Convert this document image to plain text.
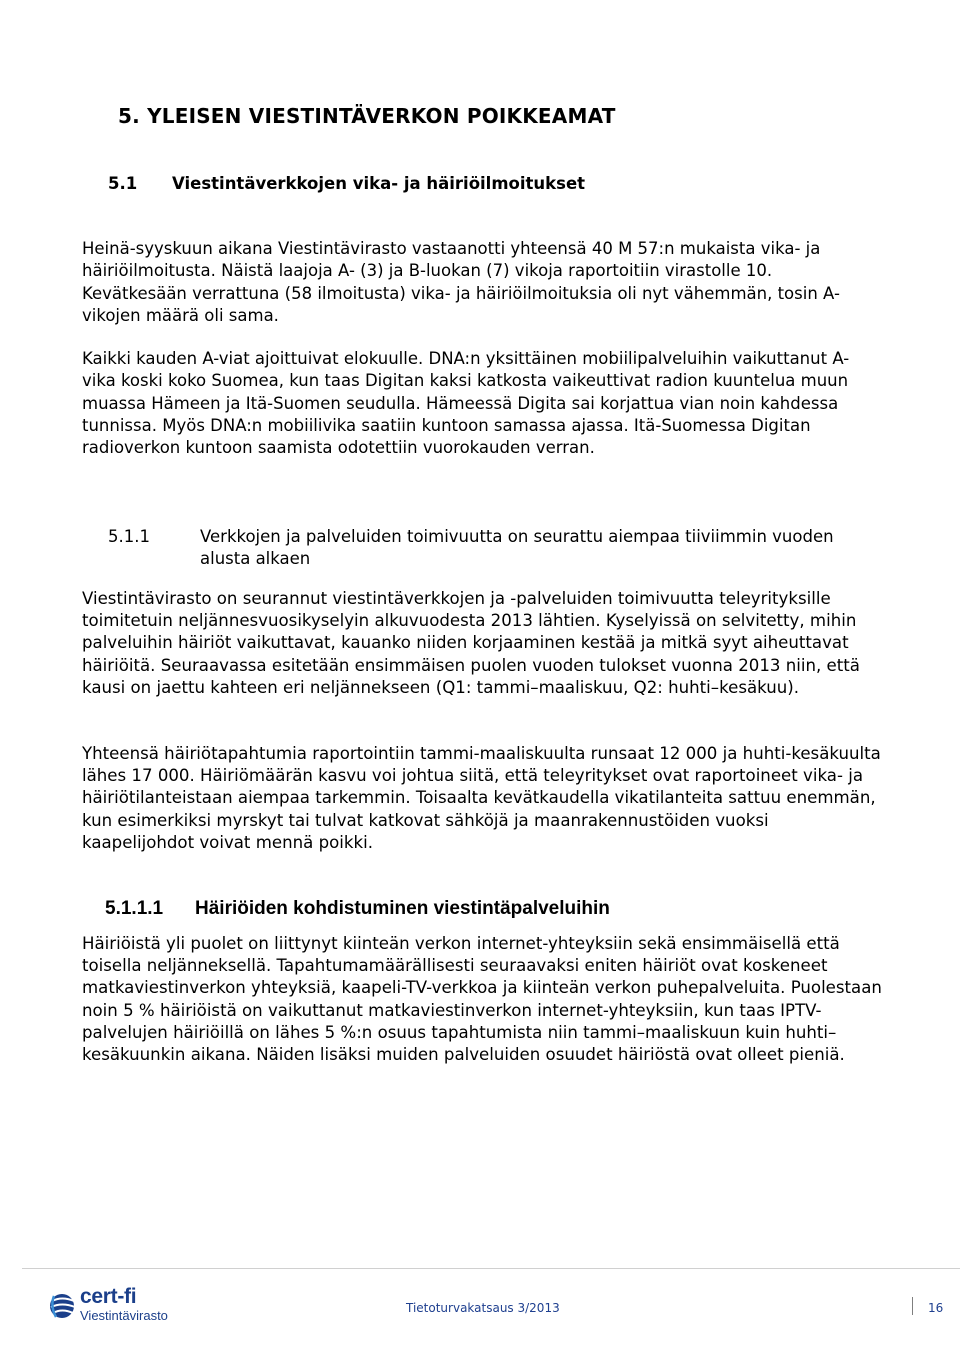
5. YLEISEN VIESTINTÄVERKON POIKKEAMAT
5.1 Viestintäverkkojen vika- ja häiriöilmoitukset

Heinä-syyskuun aikana Viestintävirasto vastaanotti yhteensä 40 M 57:n mukaista vika- ja häiriöilmoitusta. Näistä laajoja A- (3) ja B-luokan (7) vikoja raportoitiin virastolle 10. Kevätkesään verrattuna (58 ilmoitusta) vika- ja häiriöilmoituksia oli nyt vähemmän, tosin A-vikojen määrä oli sama.

Kaikki kauden A-viat ajoittuivat elokuulle. DNA:n yksittäinen mobiilipalveluihin vaikuttanut A-vika koski koko Suomea, kun taas Digitan kaksi katkosta vaikeuttivat radion kuuntelua muun muassa Hämeen ja Itä-Suomen seudulla. Hämeessä Digita sai korjattua vian noin kahdessa tunnissa. Myös DNA:n mobiilivika saatiin kuntoon samassa ajassa. Itä-Suomessa Digitan radioverkon kuntoon saamista odotettiin vuorokauden verran.

5.1.1	Verkkojen ja palveluiden toimivuutta on seurattu aiempaa tiiviimmin vuoden alusta alkaen

Viestintävirasto on seurannut viestintäverkkojen ja -palveluiden toimivuutta teleyrityksille toimitetuin neljännesvuosikyselyin alkuvuodesta 2013 lähtien. Kyselyissä on selvitetty, mihin palveluihin häiriöt vaikuttavat, kauanko niiden korjaaminen kestää ja mitkä syyt aiheuttavat häiriöitä. Seuraavassa esitetään ensimmäisen puolen vuoden tulokset vuonna 2013 niin, että kausi on jaettu kahteen eri neljännekseen (Q1: tammi–maaliskuu, Q2: huhti–kesäkuu).

Yhteensä häiriötapahtumia raportointiin tammi-maaliskuulta runsaat 12 000 ja huhti-kesäkuulta lähes 17 000. Häiriömäärän kasvu voi johtua siitä, että teleyritykset ovat raportoineet vika- ja häiriötilanteistaan aiempaa tarkemmin. Toisaalta kevätkaudella vikatilanteita sattuu enemmän, kun esimerkiksi myrskyt tai tulvat katkovat sähköjä ja maanrakennustöiden vuoksi kaapelijohdot voivat mennä poikki.

5.1.1.1 Häiriöiden kohdistuminen viestintäpalveluihin

Häiriöistä yli puolet on liittynyt kiinteän verkon internet-yhteyksiin sekä ensimmäisellä että toisella neljänneksellä. Tapahtumamäärällisesti seuraavaksi eniten häiriöt ovat koskeneet matkaviestinverkon yhteyksiä, kaapeli-TV-verkkoa ja kiinteän verkon puhepalveluita. Puolestaan noin 5 % häiriöistä on vaikuttanut matkaviestinverkon internet-yhteyksiin, kun taas IPTV-palvelujen häiriöillä on lähes 5 %:n osuus tapahtumista niin tammi–maaliskuun kuin huhti–kesäkuunkin aikana. Näiden lisäksi muiden palveluiden osuudet häiriöstä ovat olleet pieniä.

cert-fi
Viestintävirasto	Tietoturvakatsaus 3/2013	16
